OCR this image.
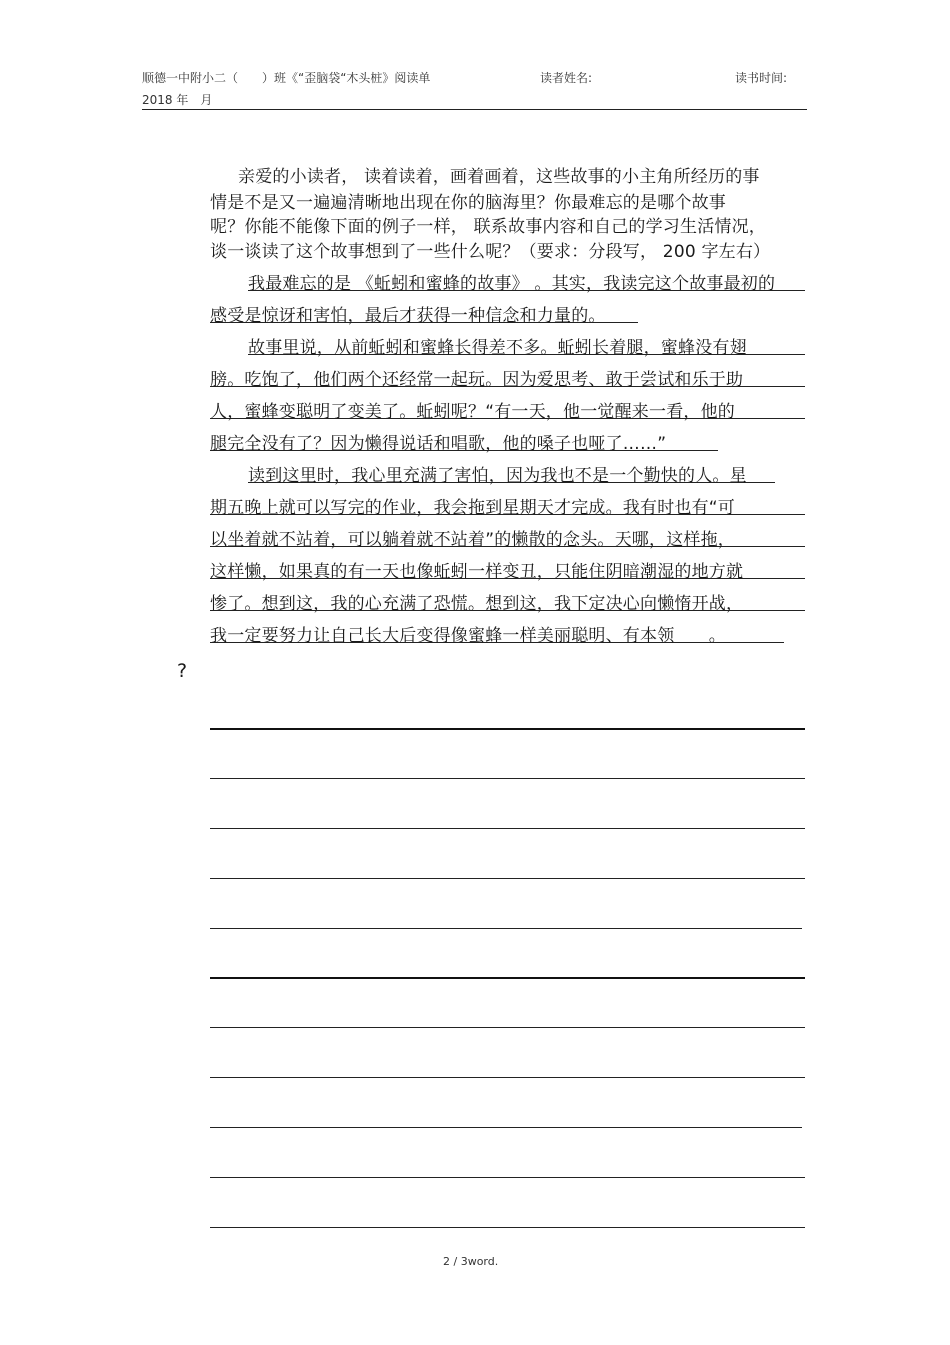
顺德一中附小二（　　）班《“歪脑袋“木头桩》阅读单	读者姓名:	读书时间:
2018 年　月
亲爱的小读者， 读着读着，画着画着，这些故事的小主角所经历的事
情是不是又一遍遍清晰地出现在你的脑海里？你最难忘的是哪个故事
呢？你能不能像下面的例子一样， 联系故事内容和自己的学习生活情况，
谈一谈读了这个故事想到了一些什么呢？（要求：分段写， 200 字左右）
我最难忘的是 《蚯蚓和蜜蜂的故事》 。其实，我读完这个故事最初的
感受是惊讶和害怕，最后才获得一种信念和力量的。
故事里说，从前蚯蚓和蜜蜂长得差不多。蚯蚓长着腿，蜜蜂没有翅
膀。吃饱了，他们两个还经常一起玩。因为爱思考、敢于尝试和乐于助
人，蜜蜂变聪明了变美了。蚯蚓呢？“有一天，他一觉醒来一看，他的
腿完全没有了？因为懒得说话和唱歌，他的嗓子也哑了……”
读到这里时，我心里充满了害怕，因为我也不是一个勤快的人。星
期五晚上就可以写完的作业，我会拖到星期天才完成。我有时也有“可
以坐着就不站着，可以躺着就不站着”的懒散的念头。天哪，这样拖，
这样懒，如果真的有一天也像蚯蚓一样变丑，只能住阴暗潮湿的地方就
惨了。想到这，我的心充满了恐慌。想到这，我下定决心向懒惰开战，
我一定要努力让自己长大后变得像蜜蜂一样美丽聪明、有本领　　。
?
2 / 3word.
